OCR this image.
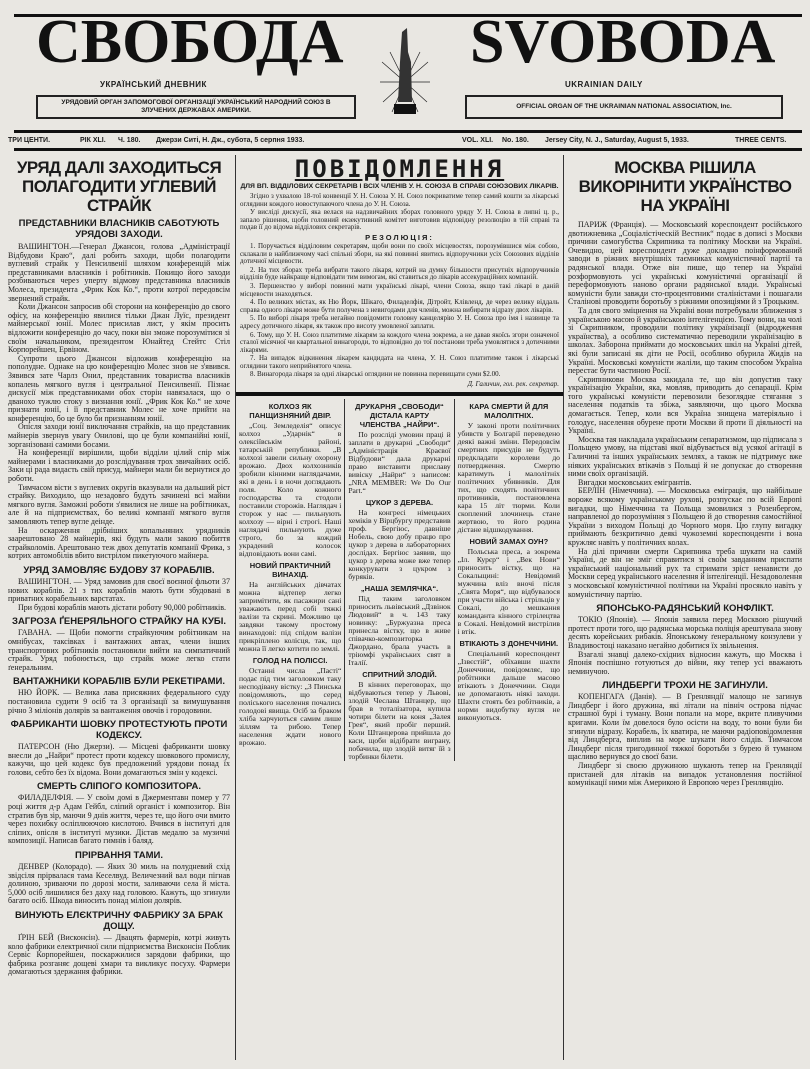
СВОБОДА SVOBODA
УКРАЇНСЬКИЙ ДНЕВНИК	UKRAINIAN DAILY
УРЯДОВИЙ ОРГАН ЗАПОМОГОВОЇ ОРГАНІЗАЦІЇ УКРАЇНСЬКИЙ НАРОДНИЙ СОЮЗ В ЗЛУЧЕНИХ ДЕРЖАВАХ АМЕРИКИ.
OFFICIAL ORGAN OF THE UKRAINIAN NATIONAL ASSOCIATION, Inc.
ТРИ ЦЕНТИ.	РІК XLI. Ч. 180. Джерзи Ситі, Н. Дж., субота, 5 серпня 1933.	VOL. XLI. No. 180. Jersey City, N. J., Saturday, August 5, 1933.	THREE CENTS.
УРЯД ДАЛІ ЗАХОДИТЬСЯ ПОЛАГОДИТИ УГЛЕВИЙ СТРАЙК
ПРЕДСТАВНИКИ ВЛАСНИКІВ САБОТУЮТЬ УРЯДОВІ ЗАХОДИ.

ВАШИНГТОН.—Генерал Джансон, голова „Адміністрації Відбудови Краю“, далі робить заходи, щоби полагодити вуглевий страйк у Пенсилвенії шляхом конференцій між представниками власників і робітників. Покищо його заходи розбиваються через уперту відмову представника власників Молеса, президента „Фрик Кок Ко.“, проти котрої передовсім звернений страйк.

Коли Джансон запросив обі сторони на конференцію до свого офісу, на конференцію явилися тільки Джан Луїс, президент майнерської юнії. Молес присилав лист, у якім просить відложити конференцію до часу, поки він зможе порозумітися зі своїм начальником, президентом Юнайтед Стейтс Стіл Корпорейшен, Ервіном.

Супроти цього Джансон відложив конференцію на пополудне. Однаке на цю конференцію Молес знов не з'явився. Зявився зате Чарлз Онил, представник товариства власників копалень мягкого вугля і центральної Пенсилвенії. Пізнає дискусії між представниками обох сторін навязалася, що о дванохо тужлю стоку з визнання юнії. „Фрик Кок Ко.“ не хоче признати юнії, і її представник Молес не хоче прийти на конференцію, бо це було би признанням юнії.

Опісля заходи юнії виключання страйків, на що представник майнерів звернув увагу Онилові, що це були компанійні юнії, зорганізовані самими босами.

На конференції вирішили, щоби відділи цілий спір між майнерами і власниками до розслідування трох звичайних осіб. Заки ці рада видасть свій присуд, майнери мали би вернутися до роботи.

Тимчасом вісти з вуглевих округів вказували на дальший ріст страйку. Виходило, що незадовго будуть зачинені всі майни мягкого вугля. Заможні роботи з'явилися не лише на робітниках, але й на підприємствах, бо великі компанії мягкого вугля замовляють тепер вугле деінде.

На оскарження дрібніших копальняних урядників заарештовано 28 майнерів, які будуть мали закою побиття страйколомів. Арештовано теж двох депутатів компанії Фрика, з котрих автомобілів вбито вистрілом пикетуючого майнера.

УРЯД ЗАМОВЛЯЄ БУДОВУ 37 КОРАБЛІВ.

ВАШИНГТОН. — Уряд замовив для своєї воєнної фльоти 37 нових кораблів. 21 з тих кораблів мають бути збудовані в приватних корабельних варстатах.

При будові кораблів мають дістати роботу 90,000 робітників.

ЗАГРОЗА ҐЕНЕРЯЛЬНОГО СТРАЙКУ НА КУБІ.

ГАВАНА. — Щоби помогти страйкуючим робітникам на омнібусах, таксівках і вантажних автах, члени інших транспортових робітників постановили вийти на симпатичний страйк. Уряд побоюється, що страйк може легко стати ґенеральним.

ВАНТАЖНИКИ КОРАБЛІВ БУЛИ РЕКЕТІРАМИ.

НЮ ЙОРК. — Велика лава присяжних федерального суду постановила судити 9 осіб та 3 організації за вимушування річно 3 міліонів долярів за вантаження овочів і городовини.

ФАБРИКАНТИ ШОВКУ ПРОТЕСТУЮТЬ ПРОТИ КОДЕКСУ.

ПАТЕРСОН (Ню Джерзи). — Місцеві фабриканти шовку внесли до „Найри“ протест проти кодексу шовкового промислу, кажучи, що цей кодекс був предложений урядови понад їх голови, себто без їх відома. Вони домагаються змін у кодексі.

СМЕРТЬ СЛІПОГО КОМПОЗИТОРА.

ФИЛАДЕЛФІЯ. — У своїм домі в Джерментавн помер у 77 році життя д-р Адам Гейбл, сліпий органіст і композитор. Він стратив був зір, маючи 9 днів життя, через те, що його очи вмито через похибку осліплюючою кислотою. Вчився в інституті для сліпих, опісля в інституті музики. Дістав медалю за музичні композиції. Написав багато гимнів і баляд.

ПРІРВАННЯ ТАМИ.

ДЕНВЕР (Колорадо). — Яких 30 миль на полудневий схід звідсіля прірвалася тама Кеселвуд. Величезний вал води пігнав долиною, зриваючи по дорозі мости, заливаючи села й міста. 5,000 осіб лишилися без даху над головою. Кажуть, що згинули багато осіб. Шкода виносить понад міліон долярів.

ВИНУЮТЬ ЕЛЄКТРИЧНУ ФАБРИКУ ЗА БРАК ДОЩУ.

ҐРІН БЕЙ (Висконсін). — Двацять фармерів, котрі живуть коло фабрики електричної сили підприємства Висконсін Поблик Сервіс Корпорейшен, поскаржилися зарядови фабрики, що фабрика розганяє дощеві хмари та викликує посуху. Фармери домагаються здержання фабрики.

ПОВІДОМЛЕННЯ
ДЛЯ ВП. ВІДДІЛОВИХ СЕКРЕТАРІВ І ВСІХ ЧЛЕНІВ У. Н. СОЮЗА В СПРАВІ СОЮЗОВИХ ЛІКАРІВ.

Згідно з ухвалою 18-тої конвенції У. Н. Союза У. Н. Союз покриватиме тепер самий кошти за лікарські оглядини кождого новоступаючого члена до У. Н. Союза.

У висліді дискусії, яка велася на надзвичайних зборах головного уряду У. Н. Союза в липні ц. р., запало рішення, щоби головний екзекутивний комітет виготовив відповідну резолюцію в тій справі та подав її до відома відділових секретарів.

РЕЗОЛЮЦІЯ:

1. Поручається відділовим секретарям, щоби вони по своїх місцевостях, порозумівшися між собою, склакали в найближчому часі спільні збори, на які повинні явитись відпоручники усіх Союзових відділів дотичної місцевости.

2. На тих зборах треба вибрати такого лікаря, котрий на думку більшости присутніх відпоручників відділів буде найкраще відповідати тим вимогам, які ставиться до лікарів ассекураційних компаній.

3. Першенство у виборі повинні мати українські лікарі, члени Союза, якщо такі лікарі в даній місцевости знаходяться.

4. По великих містах, як Ню Йорк, Шікаго, Филаделфія, Дітройт, Клівленд, де через велику віддаль справа одного лікаря може бути получена з невигодами для членів, можна вибирати відразу двох лікарів.

5. По виборі лікаря треба негайно повідомити головну канцелярію У. Н. Союза про імя і назвище та адресу дотичного лікаря, як також про висоту умовленої заплати.

6. Тому, що У. Н. Союз платитиме лікарям за кождого члена зокрема, а не давав якоїсь згори означеної сталої місячної чи квартальної винагороди, то відповідно до тої постанови треба умовлятися з дотичними лікарями.

7. На випадок відкинення лікарем кандидата на члена, У. Н. Союз платитиме також і лікарські оглядини такого неприйнятого члена.

8. Винагорода лікаря за одні лікарські оглядини не повинна перевищати суми $2.00.

Д. Галичин, гол. рек. секретар.
КОЛХОЗ ЯК ПАНЩИЗНЯНИЙ ДВІР.

„Соц. Земледелія“ описує колхоз „Ударнік“ в олексіївськім районі, татарській републики. „В колхозі завели сильну охорону врожаю. Двох колхозників зробили кінними наглядачами, які в день і в ночи доглядають поля. Коло кожного господарства та стодоли поставили сторожів. Наглядач і сторож у нас — пильнують колхозу — вірні і строгі. Наші наглядачі пильнують дуже строго, бо за кождий украдений колосок відповідають вони самі.

НОВИЙ ПРАКТИЧНИЙ ВИНАХІД.

На англійських дівчатах можна відтепер легко запримітити, як пасажири сані уважають перед собі тяжкі валізи та скрині. Можливо це завдяки такому простому винаходові: під спідом валізи прикріплено колісця, так, що можна її легко котити по землі.

ГОЛОД НА ПОЛІССІ.

Останні числа „Пасті“ подає під тим заголовком таку несподівану вістку: „З Пинська повідомляють, що серед поліського населення почались голодові явища. Осіб за браком хліба харчуються самим лише зіллям та рибою. Тепер населення ждати нового врожаю.

ДРУКАРНЯ „СВОБОДИ“ ДІСТАЛА КАРТУ ЧЛЕНСТВА „НАЙРИ“.

По розсліді умовин праці й заплати в друкарні „Свободи“ „Адміністрація Краєвої Відбудови“ дала друкарні право виставити приславу вивіску „Найри“ з написом: „NRA MEMBER: We Do Our Part.“

ЦУКОР З ДЕРЕВА.

На конгресі німецьких хеміків у Вірцбургу представив проф. Бергіюс, давніше Нобель, свою добу працю про цукор з дерева в лабораторних дослідах. Бергіюс заявив, що цукор з дерева може вже тепер конкурувати з цукром з буряків.

„НАША ЗЕМЛЯЧКА“.

Під таким заголовком приносить львівський „Дзвінок Людовий“ в ч. 143 таку новинку: „Буржуазна преса принесла вістку, що в живе співачко-композиторка Джордано, брала участь в тріюмфі українських свят в Італії.

СПРИТНИЙ ЗЛОДІЙ.

В кінних переговорах, що відбуваються тепер у Львові, злодій Чеслава Штанцер, що брав в тоталізатора, купила чотири білети на коня „Залея Грея“, який пробіг перший. Коли Штанцерова прийшла до каси, щоби відібрати виграну, побачила, що злодій витяг їй з торбинки білети.

КАРА СМЕРТИ Й ДЛЯ МАЛОЛІТНІХ.

У законі проти політичних убивств у Болгарії переведено деякі важні зміни. Передовсім смертних присудів не будуть предкладати королеви до потвердження. Смертю каратимуть і малолітніх політичних убивників. Для тих, що сходять політичних противників, постановлена кара 15 літ тюрми. Коли скоплений злочинець стане жертвою, то його родина дістане відшкодування.

НОВИЙ ЗАМАХ ОУН?

Польська преса, а зокрема „Іл. Курєр“ і „Век Нови“ приносить вістку, що на Сокальщині: Невідомий мужчина вліз вночі після „Свята Моря“, що відбувалося при участи війська і стрільців у Сокалі, до мешкання команданта кінного стрілецтва в Сокалі. Невідомий вистрілив і втік.

ВТІКАЮТЬ З ДОНЕЧЧИНИ.

Спеціальний кореспондент „Ізвєстій“, обїхавши шахти Донеччини, повідомляє, що робітники дальше масово втікають з Донеччини. Сюди не допомагають ніякі заходи. Шахти стоять без робітників, а норми видобутку вугля не виконуються.

МОСКВА РІШИЛА ВИКОРІНИТИ УКРАЇНСТВО НА УКРАЇНІ

ПАРИЖ (Франція). — Московський кореспондент російського двотижневика „Соціалістіческій Вестник“ подає в дописі з Москви причини самогубства Скрипника та політику Москви на Україні. Очевидно, цей кореспондент дуже докладно поінформований заводи в ріжних внутрішніх таємниках комуністичної партії та радянської влади. Отже він пише, що тепер на Україні розформовують усі українські комуністичні організації й переформовують наново органи радянської влади. Українські комуністи були завжди сто-процентовими сталіністами і пошагали Сталінові проводити боротьбу з ріжними опозиціями й з Троцьким.

Та для свого зміцнення на Україні вони потребували зближення з українською масою й українською інтелігенцією. Тому вони, на чолі зі Скрипником, проводили політику українізації (відродження українства), а особливо систематично переводили українізацію в школах. Заборона приймати до московських шкіл на Україні дітей, які були записані як діти не Росії, особливо обурила Жидів на Україні. Московські комуністи жаліли, що таким способом Україна перестає бути частиною Росії.

Скрипникови Москва закидала те, що він допустив таку українізацію України, яка, мовляв, приводить до сепарації. Крім того українські комуністи перевозили безоглядне стягання з населення податків та збіжа, заявляючи, що цього Москва домагається. Тепер, коли вся Україна знищена матеріяльно і голодує, населення обурене проти Москви й проти її діяльності на Україні.

Москва тая накладала українським сепаратизмом, що підписала з Польщею умову, на підставі якої відбувається від усякої агітації в Галичині та інших українських землях, а також не підтримує вже ніяких українських втікачів з Польщі й не допускає до створення ними своїх організацій.

Вигадки московських емігрантів.

БЕРЛІН (Німеччина). — Московська еміграція, що найбільше вороже всякому українському рухові, розпускає по всій Европі вигадки, що Німеччина та Польща змовилися з Розенбергом, направленої до порозуміння з Польщею й до створення самостійної України з виходом Польщі до Чорного моря. Цю глупу вигадку приймають безкритично деякі чужоземні кореспонденти і вона кружляє навіть у політичних колах.

На ділі причини смерти Скрипника треба шукати на самій Україні, де він не зміг справитися зі своїм завданням приспати український національний рух та стримати зріст ненависти до Москви серед українського населення й інтелігенції. Незадоволення з московської комуністичної політики на Україні просякло навіть у комуністичну партію.

ЯПОНСЬКО-РАДЯНСЬКИЙ КОНФЛІКТ.

ТОКІО (Японія). — Японія заявила перед Москвою рішучий протест проти того, що радянська морська поліція арештувала знову десять корейських рибаків. Японському ґенеральному конзулеви у Владивостоці наказано негайно добитися їх звільнення.

Взагалі знавці далеко-східних відносин кажуть, що Москва і Японія поспішно готуються до війни, яку тепер усі вважають неминучою.

ЛИНДБЕРГИ ТРОХИ НЕ ЗАГИНУЛИ.

КОПЕНГАГА (Данія). — В Гренляндії малощо не загинув Линдберг і його дружина, які літали на північ острова підчас страшної бурі і туману. Вони попали на море, вкрите пливучими кригами. Коли їм довелося було осісти на воду, то вони були би згинули відразу. Корабель, їх кватира, не маючи радіоповідомлення від Линдберга, виплив на море шукати його слідів. Тимчасом Линдберг після тригодинної тяжкої боротьби з бурею й туманом щасливо вернувся до своєї бази.

Линдберг зі своєю дружиною шукають тепер на Гренляндії пристаней для літаків на випадок установлення постійної комунікації ними між Америкою й Европою через Гренляндію.
